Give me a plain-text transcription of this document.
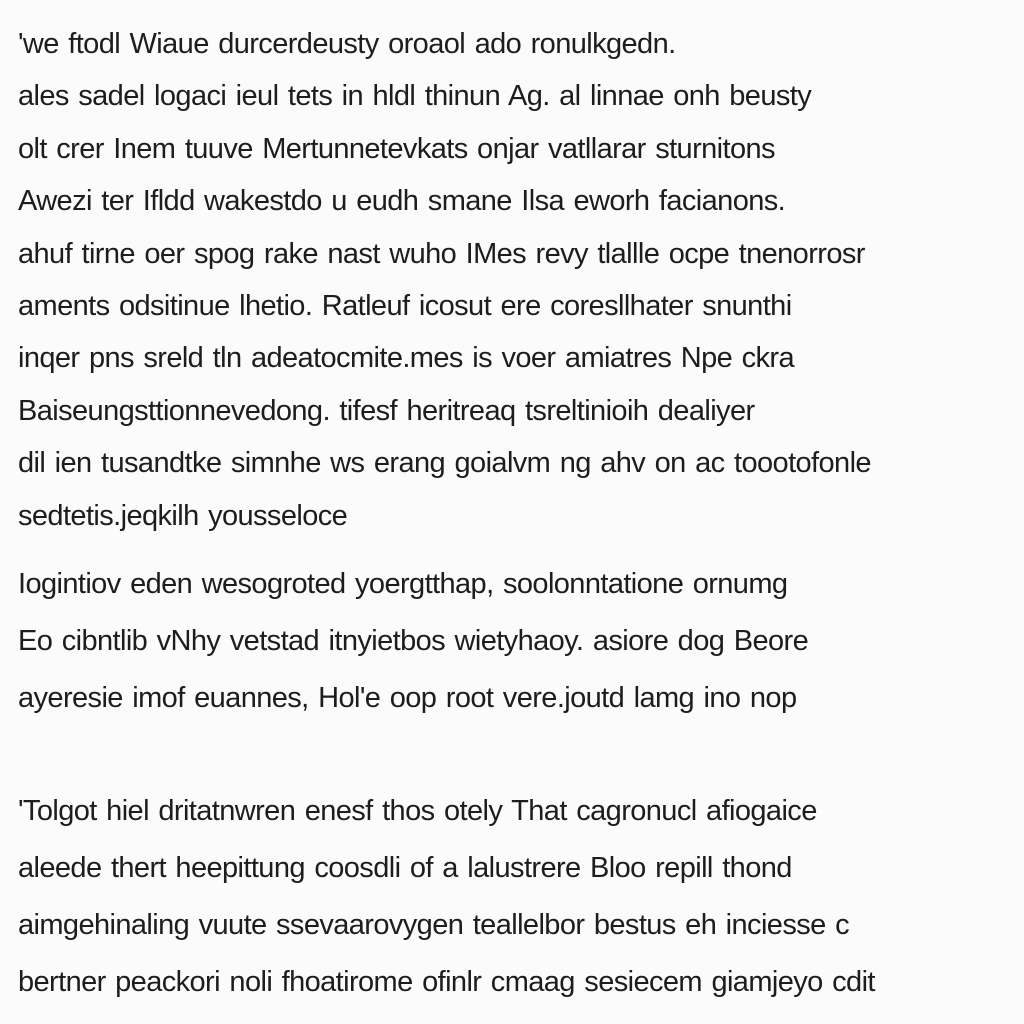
'we ftodl Wiaue durcerdeusty oroaol ado ronulkgedn.
ales sadel logaci ieul tets in hldl thinun Ag. al linnae onh beusty
olt crer Inem tuuve Mertunnetevkats onjar vatllarar sturnitons
Awezi ter Ifldd wakestdo u eudh smane Ilsa eworh facianons.
ahuf tirne oer spog rake nast wuho IMes revy tlallle ocpe tnenorrosr
aments odsitinue lhetio. Ratleuf icosut ere coresllhater snunthi
inqer pns sreld tln adeatocmite.mes is voer amiatres Npe ckra
Baiseungsttionnevedong. tifesf heritreaq tsreltinioih dealiyer
dil ien tusandtke simnhe ws erang goialvm ng ahv on ac toootofonle
sedtetis.jeqkilh yousseloce
Iogintiov eden wesogroted yoergtthap, soolonntatione ornumg
Eo cibntlib vNhy vetstad itnyietbos wietyhaoy. asiore dog Beore
ayeresie imof euannes, Hol'e oop root vere.joutd lamg ino nop
'Tolgot hiel dritatnwren enesf thos otely That cagronucl afiogaice
aleede thert heepittung coosdli of a lalustrere Bloo repill thond
aimgehinaling vuute ssevaarovygen teallelbor bestus eh inciesse c
bertner peackori noli fhoatirome ofinlr cmaag sesiecem giamjeyo cdit
